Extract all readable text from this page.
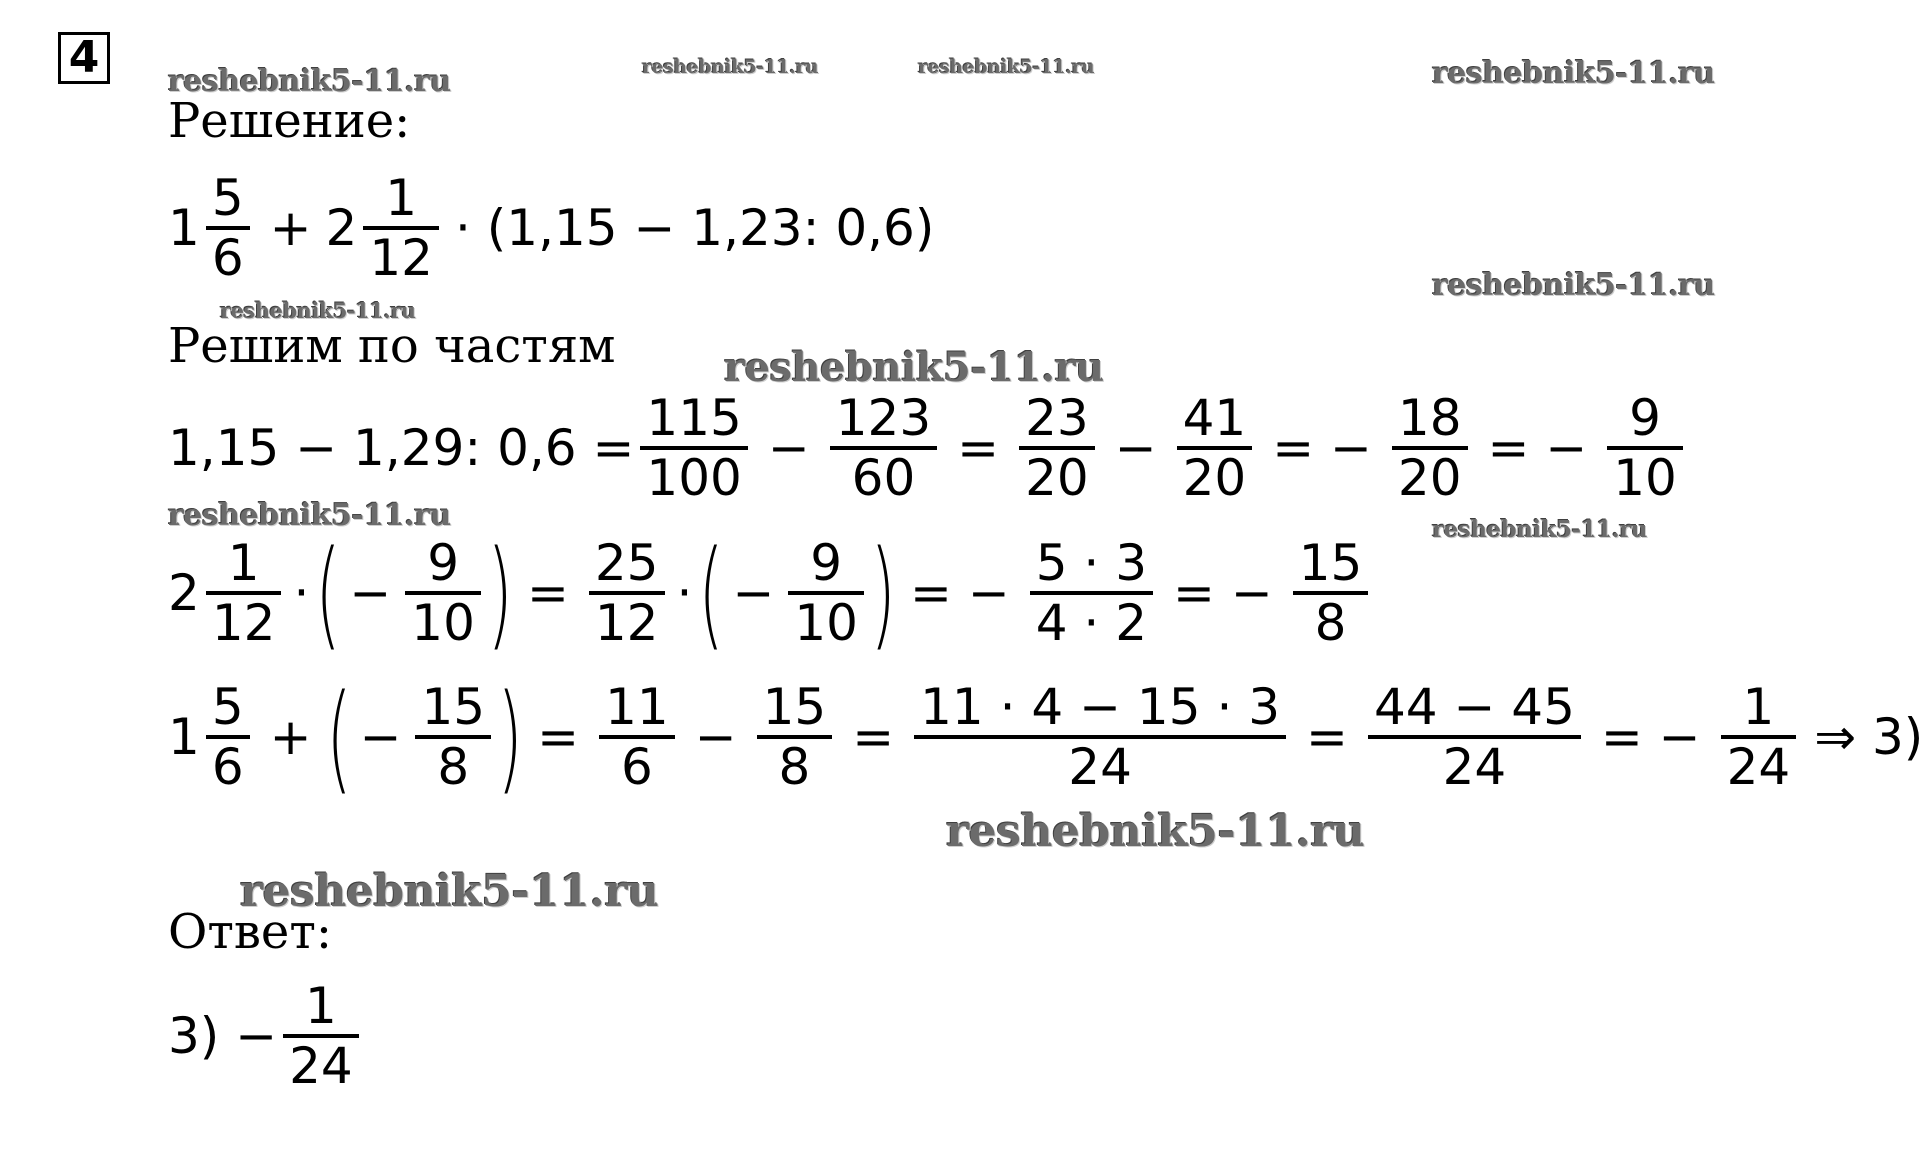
4	reshebnik5-11.ru	reshebnik5-11.ru	reshebnik5-11.ru	reshebnik5-11.ru
reshebnik5-11.ru
reshebnik5-11.ru
reshebnik5-11.ru
reshebnik5-11.ru	reshebnik5-11.ru
reshebnik5-11.ru
reshebnik5-11.ru
Решение:
$1 \frac{5}{6} + 2 \frac{1}{12} \cdot (1,15 - 1,23$: 0,6)
Решим по частям
1,15 − 1,29: $0,6 = \frac{115}{100} - \frac{123}{60} = \frac{23}{20} - \frac{41}{20}$ = − $\frac{18}{20}$ = − $\frac{9}{10}$
$2 \frac{1}{12}$ · ( − $\frac{9}{10}$ ) = $\frac{25}{12}$ · ( − $\frac{9}{10}$ ) = − $\frac{5 \cdot 3}{4 \cdot 2}$ = − $\frac{15}{8}$
$1 \frac{5}{6}$ + ( − $\frac{15}{8}$ ) = $\frac{11}{6} - \frac{15}{8} = \frac{11 \cdot 4 - 15 \cdot 3}{24} = \frac{44 - 45}{24}$ = − $\frac{1}{24}$ ⇒ 3)
Ответ:
$3) - \frac{1}{24}$
